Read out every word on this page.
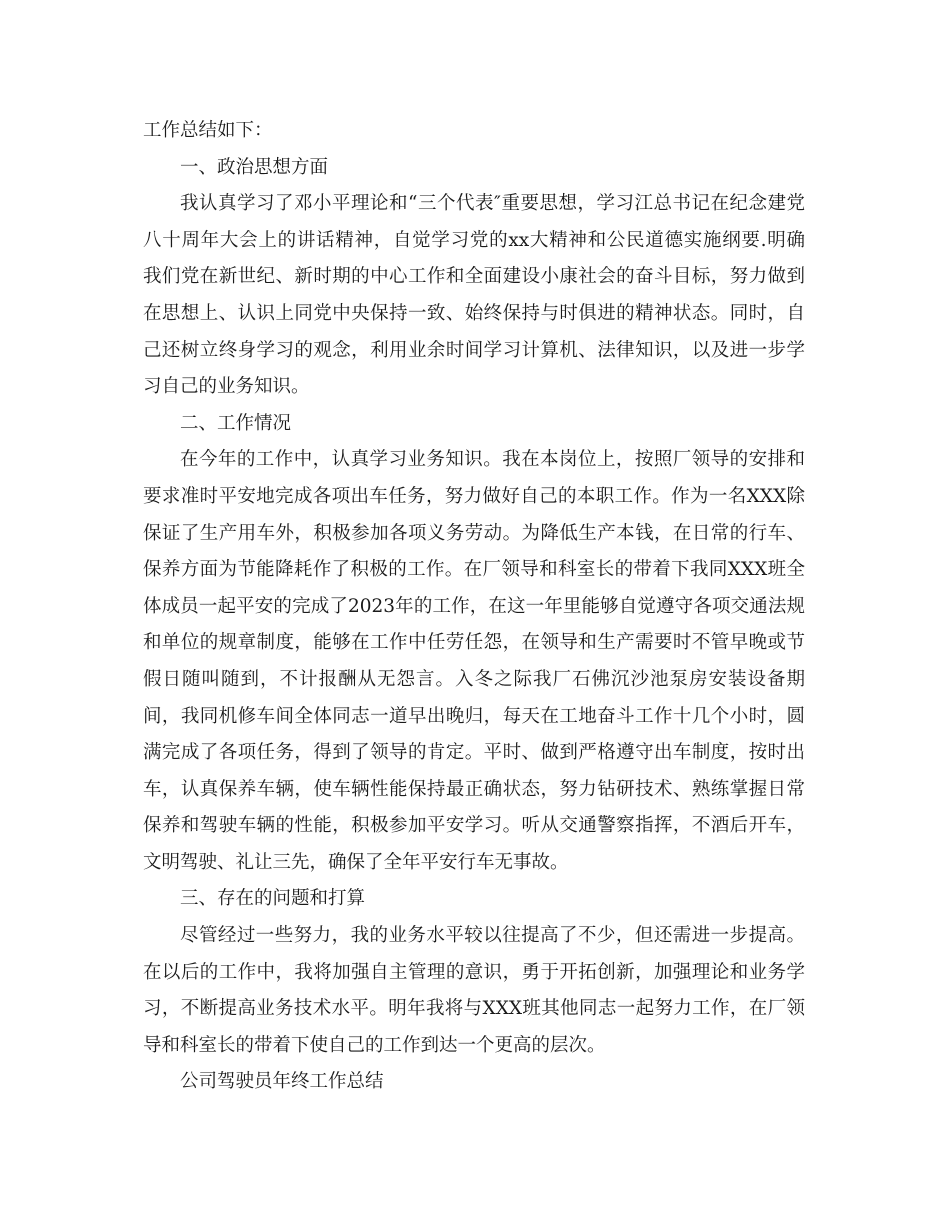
工作总结如下：
一、政治思想方面
我认真学习了邓小平理论和“三个代表″重要思想，学习江总书记在纪念建党
八十周年大会上的讲话精神，自觉学习党的xx大精神和公民道德实施纲要.明确
我们党在新世纪、新时期的中心工作和全面建设小康社会的奋斗目标，努力做到
在思想上、认识上同党中央保持一致、始终保持与时俱进的精神状态。同时，自
己还树立终身学习的观念，利用业余时间学习计算机、法律知识，以及进一步学
习自己的业务知识。
二、工作情况
在今年的工作中，认真学习业务知识。我在本岗位上，按照厂领导的安排和
要求准时平安地完成各项出车任务，努力做好自己的本职工作。作为一名XXX除
保证了生产用车外，积极参加各项义务劳动。为降低生产本钱，在日常的行车、
保养方面为节能降耗作了积极的工作。在厂领导和科室长的带着下我同XXX班全
体成员一起平安的完成了2023年的工作，在这一年里能够自觉遵守各项交通法规
和单位的规章制度，能够在工作中任劳任怨，在领导和生产需要时不管早晚或节
假日随叫随到，不计报酬从无怨言。入冬之际我厂石佛沉沙池泵房安装设备期
间，我同机修车间全体同志一道早出晚归，每天在工地奋斗工作十几个小时，圆
满完成了各项任务，得到了领导的肯定。平时、做到严格遵守出车制度，按时出
车，认真保养车辆，使车辆性能保持最正确状态，努力钻研技术、熟练掌握日常
保养和驾驶车辆的性能，积极参加平安学习。听从交通警察指挥，不酒后开车，
文明驾驶、礼让三先，确保了全年平安行车无事故。
三、存在的问题和打算
尽管经过一些努力，我的业务水平较以往提高了不少，但还需进一步提高。
在以后的工作中，我将加强自主管理的意识，勇于开拓创新，加强理论和业务学
习，不断提高业务技术水平。明年我将与XXX班其他同志一起努力工作，在厂领
导和科室长的带着下使自己的工作到达一个更高的层次。
公司驾驶员年终工作总结
